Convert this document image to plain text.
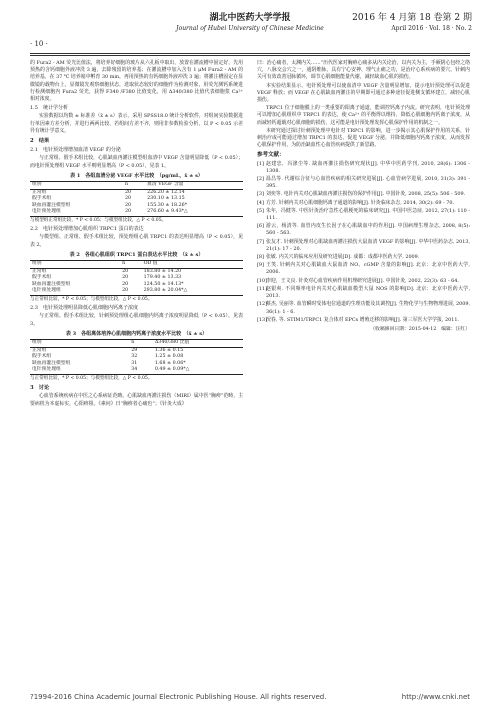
· 10 ·
湖北中医药大学学报
Journal of Hubei University of Chinese Medicine
2016 年 4 月第 18 卷第 2 期
April 2016 · Vol. 18 · No. 2

的 Fura2 - AM 荧光比值法，将培养好细胞的玻片从六孔板中取出，放置在灌流槽中固定好，先用预热的含钙细胞外液冲洗 3 遍，去除残留的培养基；在灌流槽中加入含有 1 μM Fura2 - AM 的培养基，在 37 ℃ 培养箱中孵育 30 min，再用预热的有钙细胞外液冲洗 3 遍；将灌注槽固定在显微镜的载物台上，显微镜先观察细胞状态，选取状态较好的细胞作为检测对象，用荧光测钙系统进行检测细胞内 Fura2 荧光，获得 F340 /F380 比值变化，用 Δ340/380 比值代表细胞浆 Ca²⁺ 相对浓度。

1.5　统计学分析

实验数据以均数 ± 标准差（x̄ ± s）表示，采用 SPSS18.0 统计分析软件，对组间实验数据进行单因素方差分析，并进行两两比较，若组间方差不齐，则用非参数检验分析，以 P < 0.05 示差异有统计学意义。

2　结果
2.1　电针预处理增加血清 VEGF 的分泌

与正常组、假手术组比较，心肌缺血再灌注模型组血清中 VEGF 含量明显降低（P < 0.05）；而电针预处理组 VEGF 水平则明显增高（P < 0.05），见表 1。

表 1　各组血清分泌 VEGF 水平比较　（pg/mL，x̄ ± s）
组别	n	血清 VEGF 含量
正常组	20	226.20 ± 12.14
假手术组	20	230.10 ± 13.15
缺血再灌注模型组	20	155.30 ± 18.26*
电针预处理组	20	276.60 ± 9.43*△
与模型组正常组比较，* P < 0.05；与模型组比较，△ P < 0.05。
2.2　电针预处理增加心肌组织 TRPC1 蛋白的表达

与模型组、正常组、假手术组比较，预处理组心肌 TRPC1 的表达明显增高（P < 0.05），见表 2。

表 2　各组心肌组织 TRPC1 蛋白表达水平比较　（x̄ ± s）
组别	n	OD 值
正常组	20	183.80 ± 14.20
假手术组	20	179.40 ± 13.33
缺血再灌注模型组	20	124.50 ± 14.13*
电针预处理组	20	293.80 ± 20.04*△
与正常组比较，* P < 0.05；与模型组比较，△ P < 0.05。
2.3　电针预处理明显降低心肌细胞内钙离子浓度

与正常组、假手术组比较，针刺预处理组心肌细胞内钙离子浓度明显降低（P < 0.05），见表 3。

表 3　各组离体培养心肌细胞内钙离子浓度水平比较　（x̄ ± s）
组别	n	Δ340/380 比值
正常组	29	1.36 ± 0.15
假手术组	32	1.25 ± 0.08
缺血再灌注模型组	31	1.68 ± 0.06*
电针预处理组	34	0.49 ± 0.09*△
与正常组比较，* P < 0.05；与模型组比较，△ P < 0.05。
3　讨论

心血管系统疾病在中医之心系病证范畴。心肌缺血再灌注损伤（MIRI）属中医“胸痹”范畴，主要病机为本虚标实，心阳痹阻。《素问》曰“胸痹者心痛也”；《针灸大成》

曰：治心痛者，太渊内关……”历代医家对胸痹心痛多从内关论治，以内关为主，手厥阴心包经之络穴，八脉交会穴之一，通阴维脉，具有宁心安神、理气止痛之功，是治疗心系疾病的要穴。针刺内关可有效改善冠脉循环，调节心肌细胞能量代谢，减轻缺血心肌的损伤。

本实验结果显示，电针预处理可以使血清中 VEGF 含量明显增加，提示电针预处理可以促进 VEGF 释放；而 VEGF 在心肌缺血再灌注的早期即可通过多种途径促进侧支循环建立，减轻心肌损伤。

TRPC1 位于细胞膜上的一类重要的阳离子通道，能调控钙离子内流。研究表明，电针预处理可以增加心肌组织中 TRPC1 的表达，使 Ca²⁺ 的平衡得以维持，降低心肌细胞内钙离子浓度，从而减轻钙超载对心肌细胞的损伤，这可能是电针预处理发挥心肌保护作用的机制之一。

本研究通过探讨针刺预处理中电针对 TRPC1 的影响，进一步揭示其心肌保护作用的关系，针刺治疗或可能通过增加 TRPC1 的表达、促进 VEGF 分泌，并降低细胞内钙离子浓度，从而发挥心肌保护作用，为防治缺血性心血管疾病提供了新思路。

参考文献：

[1] 赵建忠，冯涤尘等. 缺血再灌注损伤研究现状[J]. 中华中医药学刊, 2010, 28(6): 1306 - 1308.

[2] 温昌等. 代谢综合征与心血管疾病的相关研究进展[J]. 心血管病学进展, 2010, 31(3): 391 - 395.

[3] 刘奕等. 电针内关对心肌缺血再灌注损伤的保护作用[J]. 中国针灸, 2008, 25(5): 506 - 509.

[4] 方芳. 针刺内关对心肌细胞钙离子通道的影响[J]. 针灸临床杂志, 2014, 30(2): 69 - 70.

[5] 朱年，冯健等. 中医针灸治疗急性心肌梗死的临床研究[J]. 中国中医急症, 2012, 27(1): 110 - 111.

[6] 游云，杨清等. 血管内皮生长因子在心肌缺血中的作用[J]. 中国病理生理杂志, 2008, 8(5): 560 - 563.

[7] 张友才. 针刺预处理对心肌缺血再灌注损伤大鼠血清 VEGF 的影响[J]. 中华中医药杂志, 2013, 21(1): 17 - 20.

[8] 张敏. 内关穴的临床应用及研究进展[D]. 成都：成都中医药大学, 2009.

[9] 王笑. 针刺内关对心肌缺血大鼠血清 NO、cGMP 含量的影响[J]. 北京：北京中医药大学, 2006.

[10]
李迎，王文良. 针灸对心血管疾病作用机理研究进展[J]. 中国针灸, 2002, 22(3): 63 - 64.

[11]
赵银爽. 不同频率电针内关对心肌缺血模型大鼠 NOS 的影响[D]. 北京：北京中医药大学, 2013.

[12]
蔡杰, 吴丽等. 血管瞬时受体电位通道的生理功能及其调控[J]. 生物化学与生物物理进展, 2009, 36(1): 1 - 6.

[13]
况春, 等. STIM1/TRPC1 复合体对 EPCs 增殖迁移的影响[J]. 第三军医大学学报, 2011.

（收稿修回日期：2015-04-12　编辑：汪红）
?1994-2016 China Academic Journal Electronic Publishing House. All rights reserved.	http://www.cnki.net
